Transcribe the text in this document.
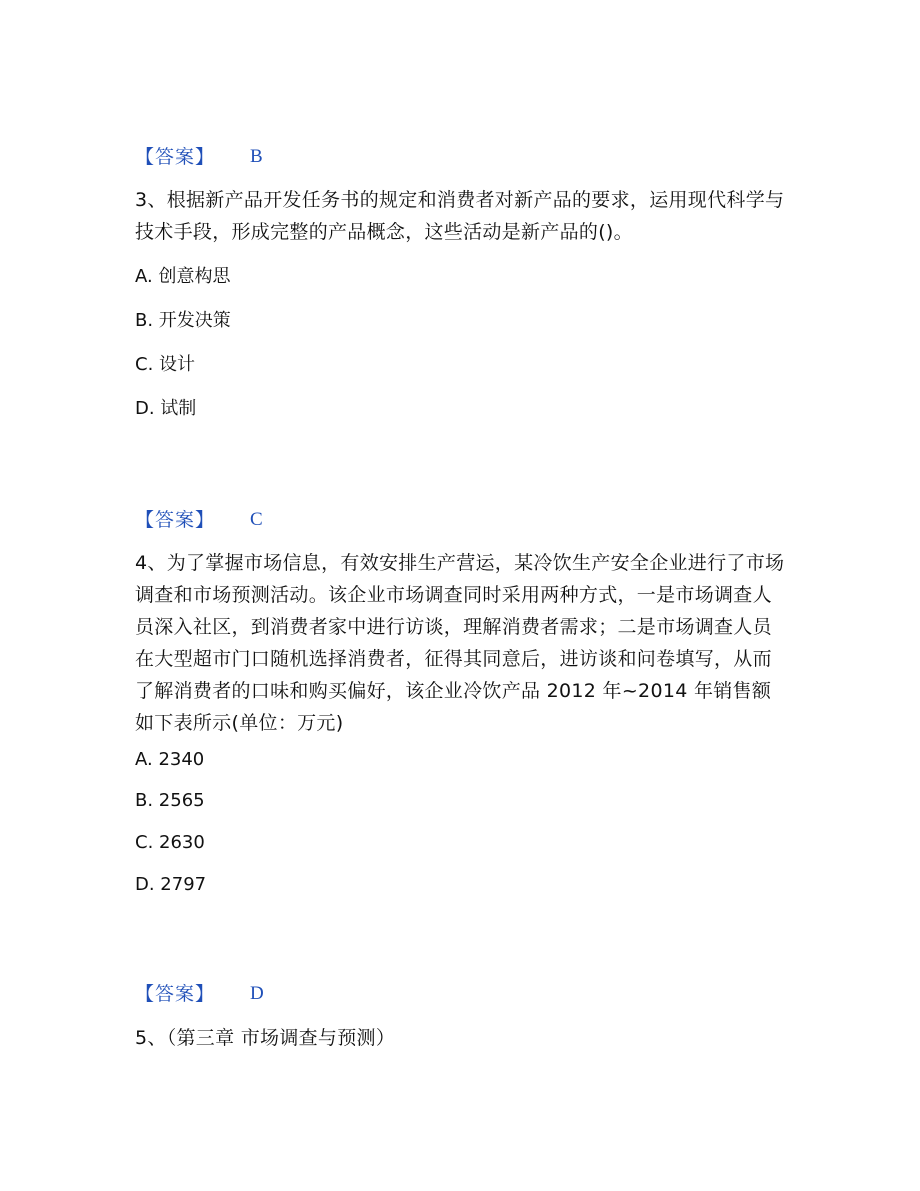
【答案】 B
3、根据新产品开发任务书的规定和消费者对新产品的要求，运用现代科学与技术手段，形成完整的产品概念，这些活动是新产品的()。
A. 创意构思
B. 开发决策
C. 设计
D. 试制
【答案】 C
4、为了掌握市场信息，有效安排生产营运，某冷饮生产安全企业进行了市场调查和市场预测活动。该企业市场调查同时采用两种方式，一是市场调查人员深入社区，到消费者家中进行访谈，理解消费者需求；二是市场调查人员在大型超市门口随机选择消费者，征得其同意后，进访谈和问卷填写，从而了解消费者的口味和购买偏好，该企业冷饮产品 2012 年~2014 年销售额如下表所示(单位：万元)
A. 2340
B. 2565
C. 2630
D. 2797
【答案】 D
5、（第三章 市场调查与预测）
